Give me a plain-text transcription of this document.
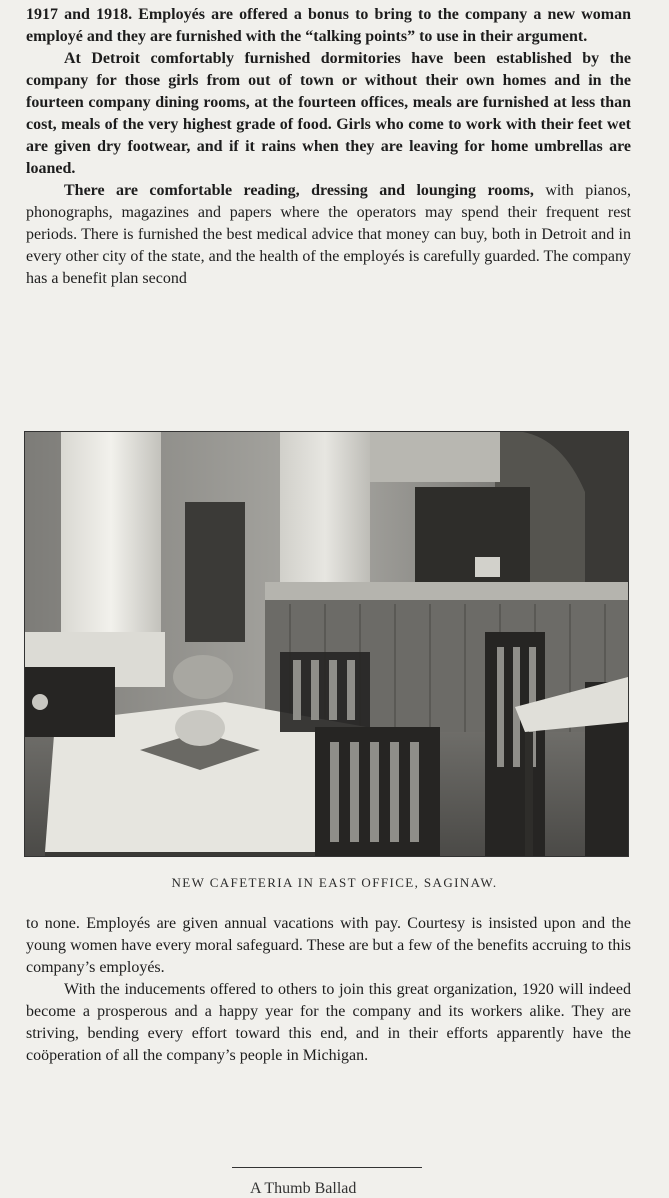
1917 and 1918. Employés are offered a bonus to bring to the company a new woman employé and they are furnished with the “talking points” to use in their argument.

At Detroit comfortably furnished dormitories have been established by the company for those girls from out of town or without their own homes and in the fourteen company dining rooms, at the fourteen offices, meals are furnished at less than cost, meals of the very highest grade of food. Girls who come to work with their feet wet are given dry footwear, and if it rains when they are leaving for home umbrellas are loaned.

There are comfortable reading, dressing and lounging rooms, with pianos, phonographs, magazines and papers where the operators may spend their frequent rest periods. There is furnished the best medical advice that money can buy, both in Detroit and in every other city of the state, and the health of the employés is carefully guarded. The company has a benefit plan second

NEW CAFETERIA IN EAST OFFICE, SAGINAW.

to none. Employés are given annual vacations with pay. Courtesy is insisted upon and the young women have every moral safeguard. These are but a few of the benefits accruing to this company’s employés.

With the inducements offered to others to join this great organization, 1920 will indeed become a prosperous and a happy year for the company and its workers alike. They are striving, bending every effort toward this end, and in their efforts apparently have the coöperation of all the company’s people in Michigan.

A Thumb Ballad
